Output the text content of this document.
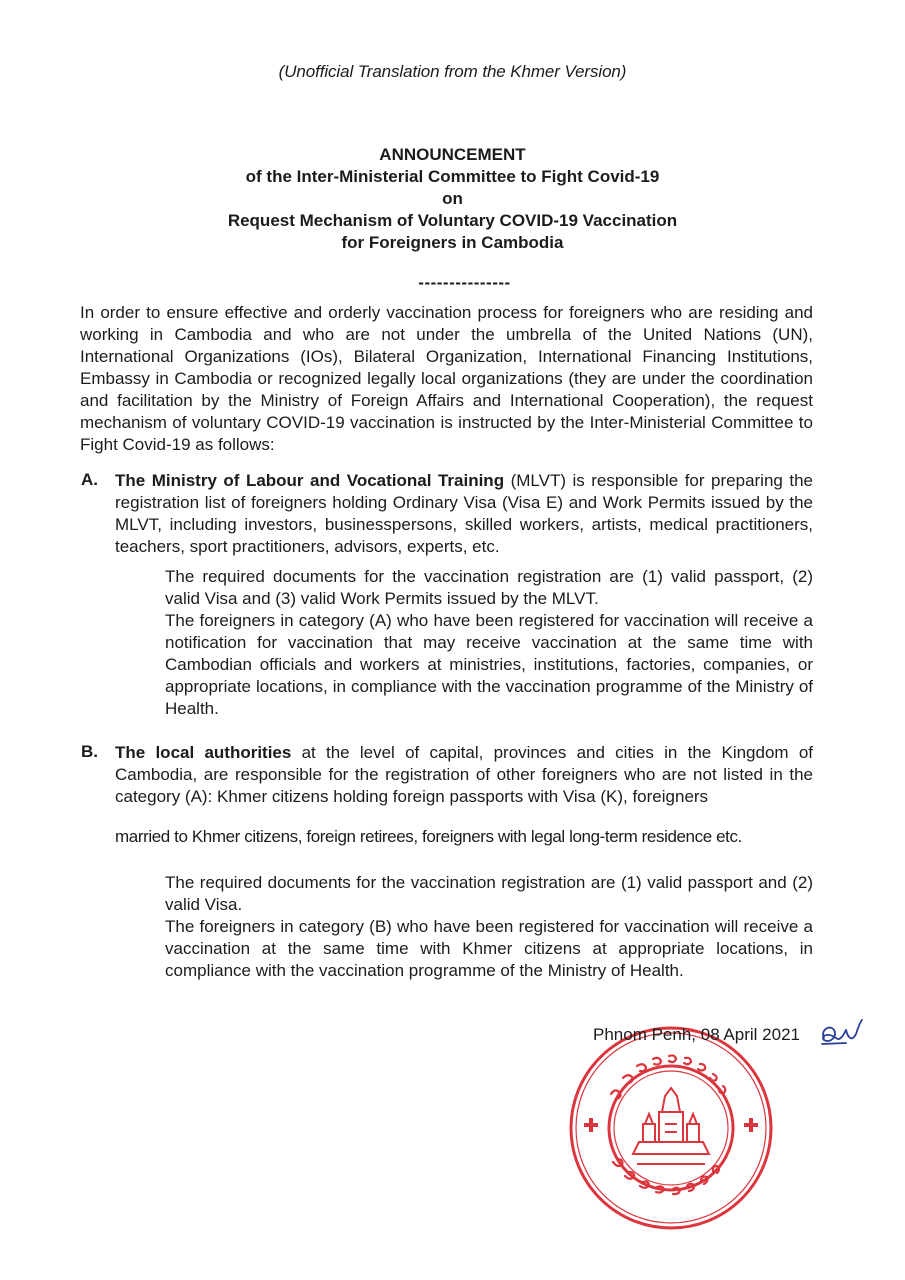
(Unofficial Translation from the Khmer Version)
ANNOUNCEMENT
of the Inter-Ministerial Committee to Fight Covid-19
on
Request Mechanism of Voluntary COVID-19 Vaccination
for Foreigners in Cambodia
---------------
In order to ensure effective and orderly vaccination process for foreigners who are residing and working in Cambodia and who are not under the umbrella of the United Nations (UN), International Organizations (IOs), Bilateral Organization, International Financing Institutions, Embassy in Cambodia or recognized legally local organizations (they are under the coordination and facilitation by the Ministry of Foreign Affairs and International Cooperation), the request mechanism of voluntary COVID-19 vaccination is instructed by the Inter-Ministerial Committee to Fight Covid-19 as follows:
A. The Ministry of Labour and Vocational Training (MLVT) is responsible for preparing the registration list of foreigners holding Ordinary Visa (Visa E) and Work Permits issued by the MLVT, including investors, businesspersons, skilled workers, artists, medical practitioners, teachers, sport practitioners, advisors, experts, etc.
The required documents for the vaccination registration are (1) valid passport, (2) valid Visa and (3) valid Work Permits issued by the MLVT.
The foreigners in category (A) who have been registered for vaccination will receive a notification for vaccination that may receive vaccination at the same time with Cambodian officials and workers at ministries, institutions, factories, companies, or appropriate locations, in compliance with the vaccination programme of the Ministry of Health.
B. The local authorities at the level of capital, provinces and cities in the Kingdom of Cambodia, are responsible for the registration of other foreigners who are not listed in the category (A): Khmer citizens holding foreign passports with Visa (K), foreigners
married to Khmer citizens, foreign retirees, foreigners with legal long-term residence etc.
The required documents for the vaccination registration are (1) valid passport and (2) valid Visa.
The foreigners in category (B) who have been registered for vaccination will receive a vaccination at the same time with Khmer citizens at appropriate locations, in compliance with the vaccination programme of the Ministry of Health.
Phnom Penh, 08 April 2021
